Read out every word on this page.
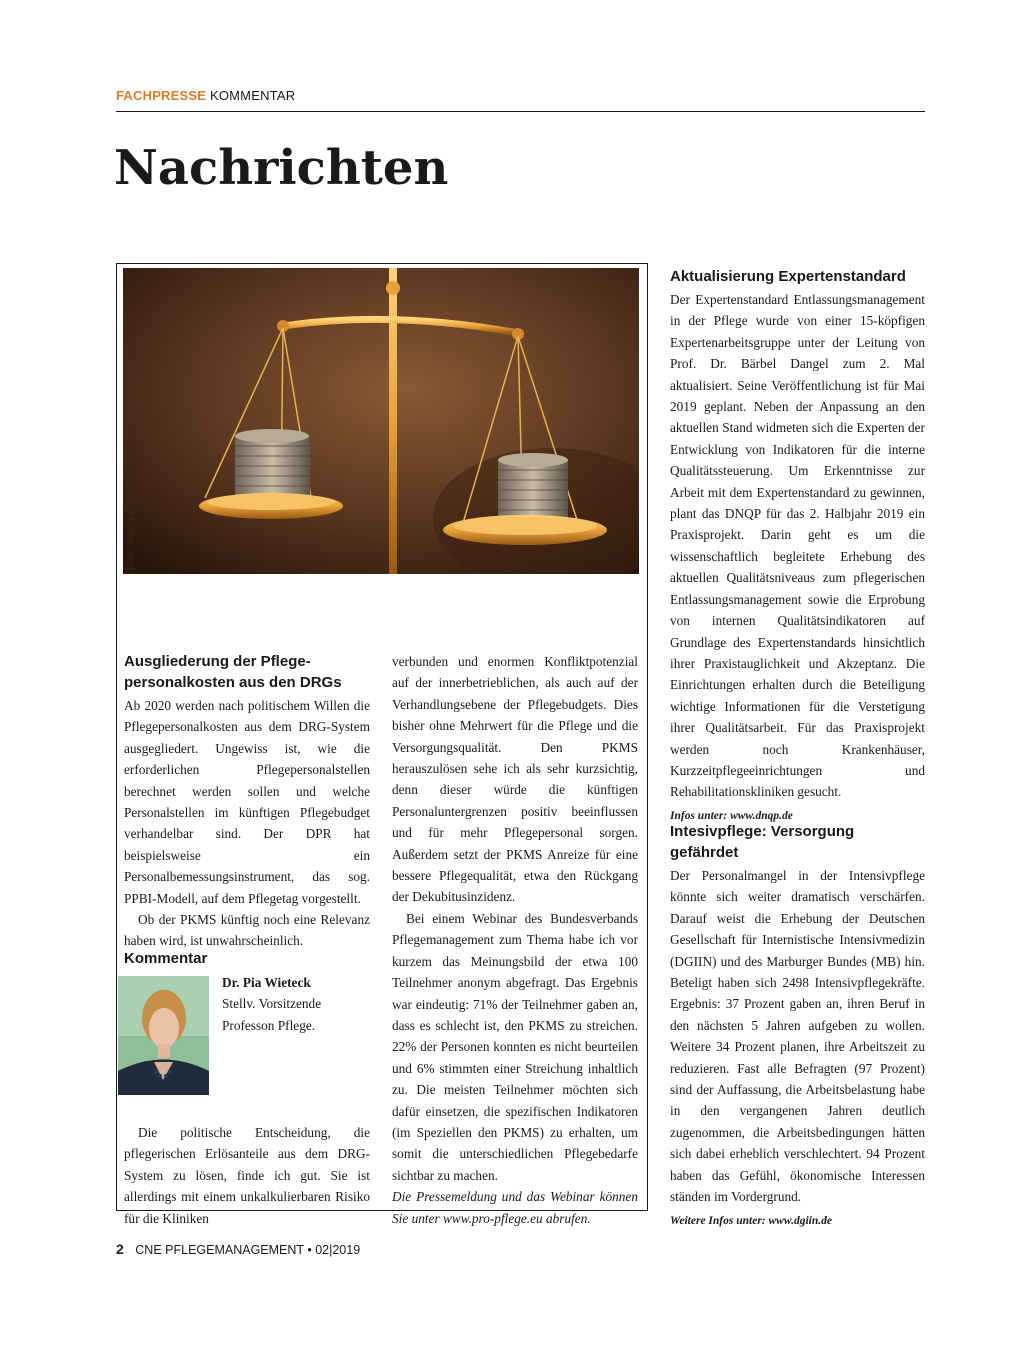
FACHPRESSE KOMMENTAR
Nachrichten
Foto: Andrey Popov_AdobeStock
Ausgliederung der Pflege-personalkosten aus den DRGs

Ab 2020 werden nach politischem Willen die Pflegepersonalkosten aus dem DRG-System ausgegliedert. Ungewiss ist, wie die erforderlichen Pflegepersonalstellen berechnet werden sollen und welche Personalstellen im künftigen Pflegebudget verhandelbar sind. Der DPR hat beispielsweise ein Personalbemessungsinstrument, das sog. PPBI-Modell, auf dem Pflegetag vorgestellt.

Ob der PKMS künftig noch eine Relevanz haben wird, ist unwahrscheinlich.

Kommentar
Dr. Pia Wieteck
Stellv. Vorsitzende
Professon Pflege.

Die politische Entscheidung, die pflegerischen Erlösanteile aus dem DRG-System zu lösen, finde ich gut. Sie ist allerdings mit einem unkalkulierbaren Risiko für die Kliniken

verbunden und enormen Konfliktpotenzial auf der innerbetrieblichen, als auch auf der Verhandlungsebene der Pflegebudgets. Dies bisher ohne Mehrwert für die Pflege und die Versorgungsqualität. Den PKMS herauszulösen sehe ich als sehr kurzsichtig, denn dieser würde die künftigen Personaluntergrenzen positiv beeinflussen und für mehr Pflegepersonal sorgen. Außerdem setzt der PKMS Anreize für eine bessere Pflegequalität, etwa den Rückgang der Dekubitusinzidenz.

Bei einem Webinar des Bundesverbands Pflegemanagement zum Thema habe ich vor kurzem das Meinungsbild der etwa 100 Teilnehmer anonym abgefragt. Das Ergebnis war eindeutig: 71% der Teilnehmer gaben an, dass es schlecht ist, den PKMS zu streichen. 22% der Personen konnten es nicht beurteilen und 6% stimmten einer Streichung inhaltlich zu. Die meisten Teilnehmer möchten sich dafür einsetzen, die spezifischen Indikatoren (im Speziellen den PKMS) zu erhalten, um somit die unterschiedlichen Pflegebedarfe sichtbar zu machen.

Die Pressemeldung und das Webinar können Sie unter www.pro-pflege.eu abrufen.

Aktualisierung Expertenstandard

Der Expertenstandard Entlassungsmanagement in der Pflege wurde von einer 15-köpfigen Expertenarbeitsgruppe unter der Leitung von Prof. Dr. Bärbel Dangel zum 2. Mal aktualisiert. Seine Veröffentlichung ist für Mai 2019 geplant. Neben der Anpassung an den aktuellen Stand widmeten sich die Experten der Entwicklung von Indikatoren für die interne Qualitätssteuerung. Um Erkenntnisse zur Arbeit mit dem Expertenstandard zu gewinnen, plant das DNQP für das 2. Halbjahr 2019 ein Praxisprojekt. Darin geht es um die wissenschaftlich begleitete Erhebung des aktuellen Qualitätsniveaus zum pflegerischen Entlassungsmanagement sowie die Erprobung von internen Qualitätsindikatoren auf Grundlage des Expertenstandards hinsichtlich ihrer Praxistauglichkeit und Akzeptanz. Die Einrichtungen erhalten durch die Beteiligung wichtige Informationen für die Verstetigung ihrer Qualitätsarbeit. Für das Praxisprojekt werden noch Krankenhäuser, Kurzzeitpflegeeinrichtungen und Rehabilitationskliniken gesucht.

Infos unter: www.dnqp.de
Intesivpflege: Versorgung gefährdet

Der Personalmangel in der Intensivpflege könnte sich weiter dramatisch verschärfen. Darauf weist die Erhebung der Deutschen Gesellschaft für Internistische Intensivmedizin (DGIIN) und des Marburger Bundes (MB) hin. Beteligt haben sich 2498 Intensivpflegekräfte. Ergebnis: 37 Prozent gaben an, ihren Beruf in den nächsten 5 Jahren aufgeben zu wollen. Weitere 34 Prozent planen, ihre Arbeitszeit zu reduzieren. Fast alle Befragten (97 Prozent) sind der Auffassung, die Arbeitsbelastung habe in den vergangenen Jahren deutlich zugenommen, die Arbeitsbedingungen hätten sich dabei erheblich verschlechtert. 94 Prozent haben das Gefühl, ökonomische Interessen ständen im Vordergrund.

Weitere Infos unter: www.dgiin.de
2 CNE PFLEGEMANAGEMENT • 02|2019
